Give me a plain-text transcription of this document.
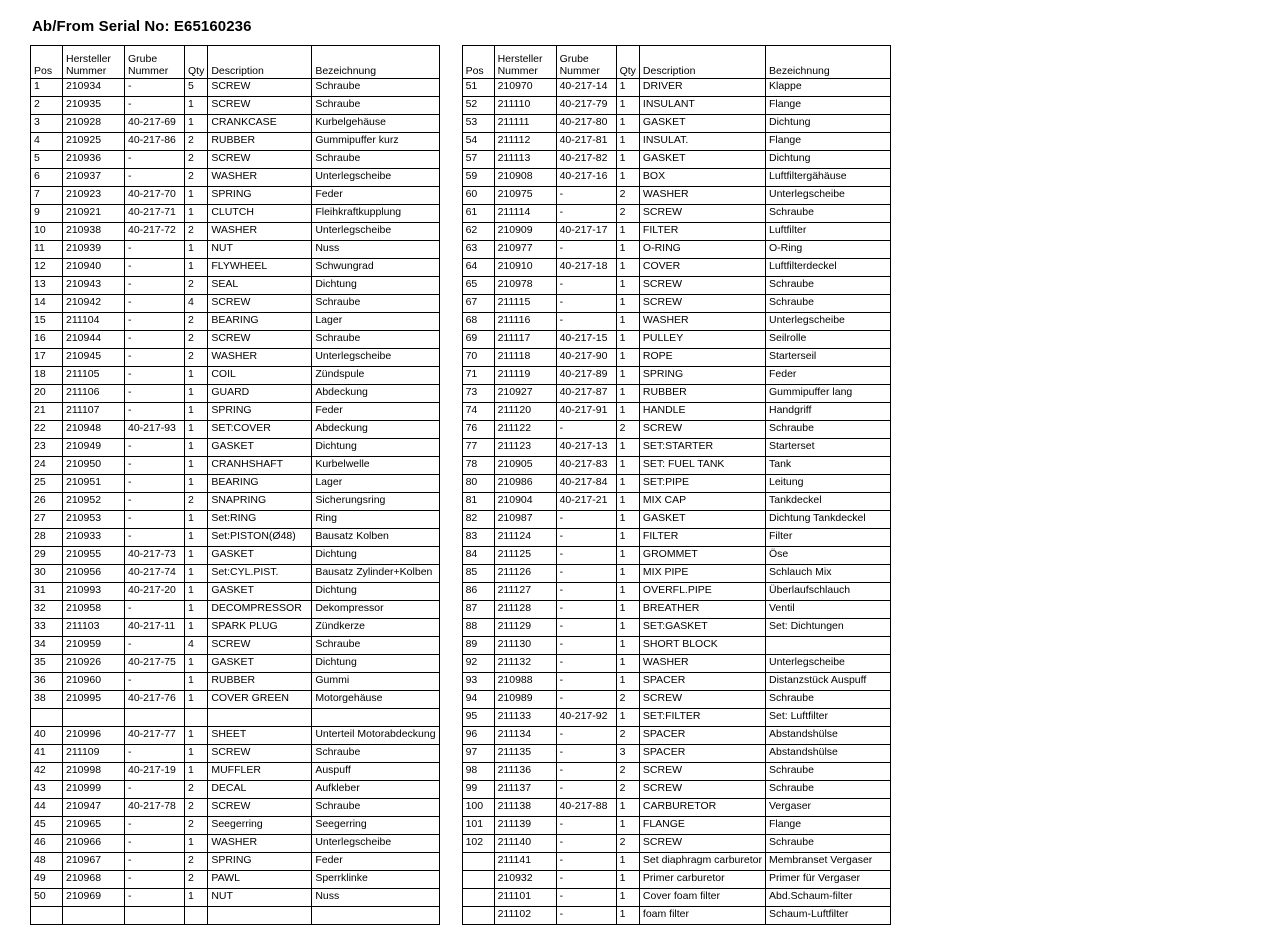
Ab/From Serial No: E65160236
Pos	Hersteller Nummer	Grube Nummer	Qty	Description	Bezeichnung
1	210934	-	5	SCREW	Schraube
2	210935	-	1	SCREW	Schraube
3	210928	40-217-69	1	CRANKCASE	Kurbelgehäuse
4	210925	40-217-86	2	RUBBER	Gummipuffer kurz
5	210936	-	2	SCREW	Schraube
6	210937	-	2	WASHER	Unterlegscheibe
7	210923	40-217-70	1	SPRING	Feder
9	210921	40-217-71	1	CLUTCH	Fleihkraftkupplung
10	210938	40-217-72	2	WASHER	Unterlegscheibe
11	210939	-	1	NUT	Nuss
12	210940	-	1	FLYWHEEL	Schwungrad
13	210943	-	2	SEAL	Dichtung
14	210942	-	4	SCREW	Schraube
15	211104	-	2	BEARING	Lager
16	210944	-	2	SCREW	Schraube
17	210945	-	2	WASHER	Unterlegscheibe
18	211105	-	1	COIL	Zündspule
20	211106	-	1	GUARD	Abdeckung
21	211107	-	1	SPRING	Feder
22	210948	40-217-93	1	SET:COVER	Abdeckung
23	210949	-	1	GASKET	Dichtung
24	210950	-	1	CRANHSHAFT	Kurbelwelle
25	210951	-	1	BEARING	Lager
26	210952	-	2	SNAPRING	Sicherungsring
27	210953	-	1	Set:RING	Ring
28	210933	-	1	Set:PISTON(Ø48)	Bausatz Kolben
29	210955	40-217-73	1	GASKET	Dichtung
30	210956	40-217-74	1	Set:CYL.PIST.	Bausatz Zylinder+Kolben
31	210993	40-217-20	1	GASKET	Dichtung
32	210958	-	1	DECOMPRESSOR	Dekompressor
33	211103	40-217-11	1	SPARK PLUG	Zündkerze
34	210959	-	4	SCREW	Schraube
35	210926	40-217-75	1	GASKET	Dichtung
36	210960	-	1	RUBBER	Gummi
38	210995	40-217-76	1	COVER GREEN	Motorgehäuse

40	210996	40-217-77	1	SHEET	Unterteil Motorabdeckung
41	211109	-	1	SCREW	Schraube
42	210998	40-217-19	1	MUFFLER	Auspuff
43	210999	-	2	DECAL	Aufkleber
44	210947	40-217-78	2	SCREW	Schraube
45	210965	-	2	Seegerring	Seegerring
46	210966	-	1	WASHER	Unterlegscheibe
48	210967	-	2	SPRING	Feder
49	210968	-	2	PAWL	Sperrklinke
50	210969	-	1	NUT	Nuss

Pos	Hersteller Nummer	Grube Nummer	Qty	Description	Bezeichnung
51	210970	40-217-14	1	DRIVER	Klappe
52	211110	40-217-79	1	INSULANT	Flange
53	211111	40-217-80	1	GASKET	Dichtung
54	211112	40-217-81	1	INSULAT.	Flange
57	211113	40-217-82	1	GASKET	Dichtung
59	210908	40-217-16	1	BOX	Luftfiltergähäuse
60	210975	-	2	WASHER	Unterlegscheibe
61	211114	-	2	SCREW	Schraube
62	210909	40-217-17	1	FILTER	Luftfilter
63	210977	-	1	O-RING	O-Ring
64	210910	40-217-18	1	COVER	Luftfilterdeckel
65	210978	-	1	SCREW	Schraube
67	211115	-	1	SCREW	Schraube
68	211116	-	1	WASHER	Unterlegscheibe
69	211117	40-217-15	1	PULLEY	Seilrolle
70	211118	40-217-90	1	ROPE	Starterseil
71	211119	40-217-89	1	SPRING	Feder
73	210927	40-217-87	1	RUBBER	Gummipuffer lang
74	211120	40-217-91	1	HANDLE	Handgriff
76	211122	-	2	SCREW	Schraube
77	211123	40-217-13	1	SET:STARTER	Starterset
78	210905	40-217-83	1	SET: FUEL TANK	Tank
80	210986	40-217-84	1	SET:PIPE	Leitung
81	210904	40-217-21	1	MIX CAP	Tankdeckel
82	210987	-	1	GASKET	Dichtung Tankdeckel
83	211124	-	1	FILTER	Filter
84	211125	-	1	GROMMET	Öse
85	211126	-	1	MIX PIPE	Schlauch Mix
86	211127	-	1	OVERFL.PIPE	Überlaufschlauch
87	211128	-	1	BREATHER	Ventil
88	211129	-	1	SET:GASKET	Set: Dichtungen
89	211130	-	1	SHORT BLOCK	
92	211132	-	1	WASHER	Unterlegscheibe
93	210988	-	1	SPACER	Distanzstück Auspuff
94	210989	-	2	SCREW	Schraube
95	211133	40-217-92	1	SET:FILTER	Set: Luftfilter
96	211134	-	2	SPACER	Abstandshülse
97	211135	-	3	SPACER	Abstandshülse
98	211136	-	2	SCREW	Schraube
99	211137	-	2	SCREW	Schraube
100	211138	40-217-88	1	CARBURETOR	Vergaser
101	211139	-	1	FLANGE	Flange
102	211140	-	2	SCREW	Schraube
	211141	-	1	Set diaphragm carburetor	Membranset Vergaser
	210932	-	1	Primer carburetor	Primer für Vergaser
	211101	-	1	Cover foam filter	Abd.Schaum-filter
	211102	-	1	foam filter	Schaum-Luftfilter
